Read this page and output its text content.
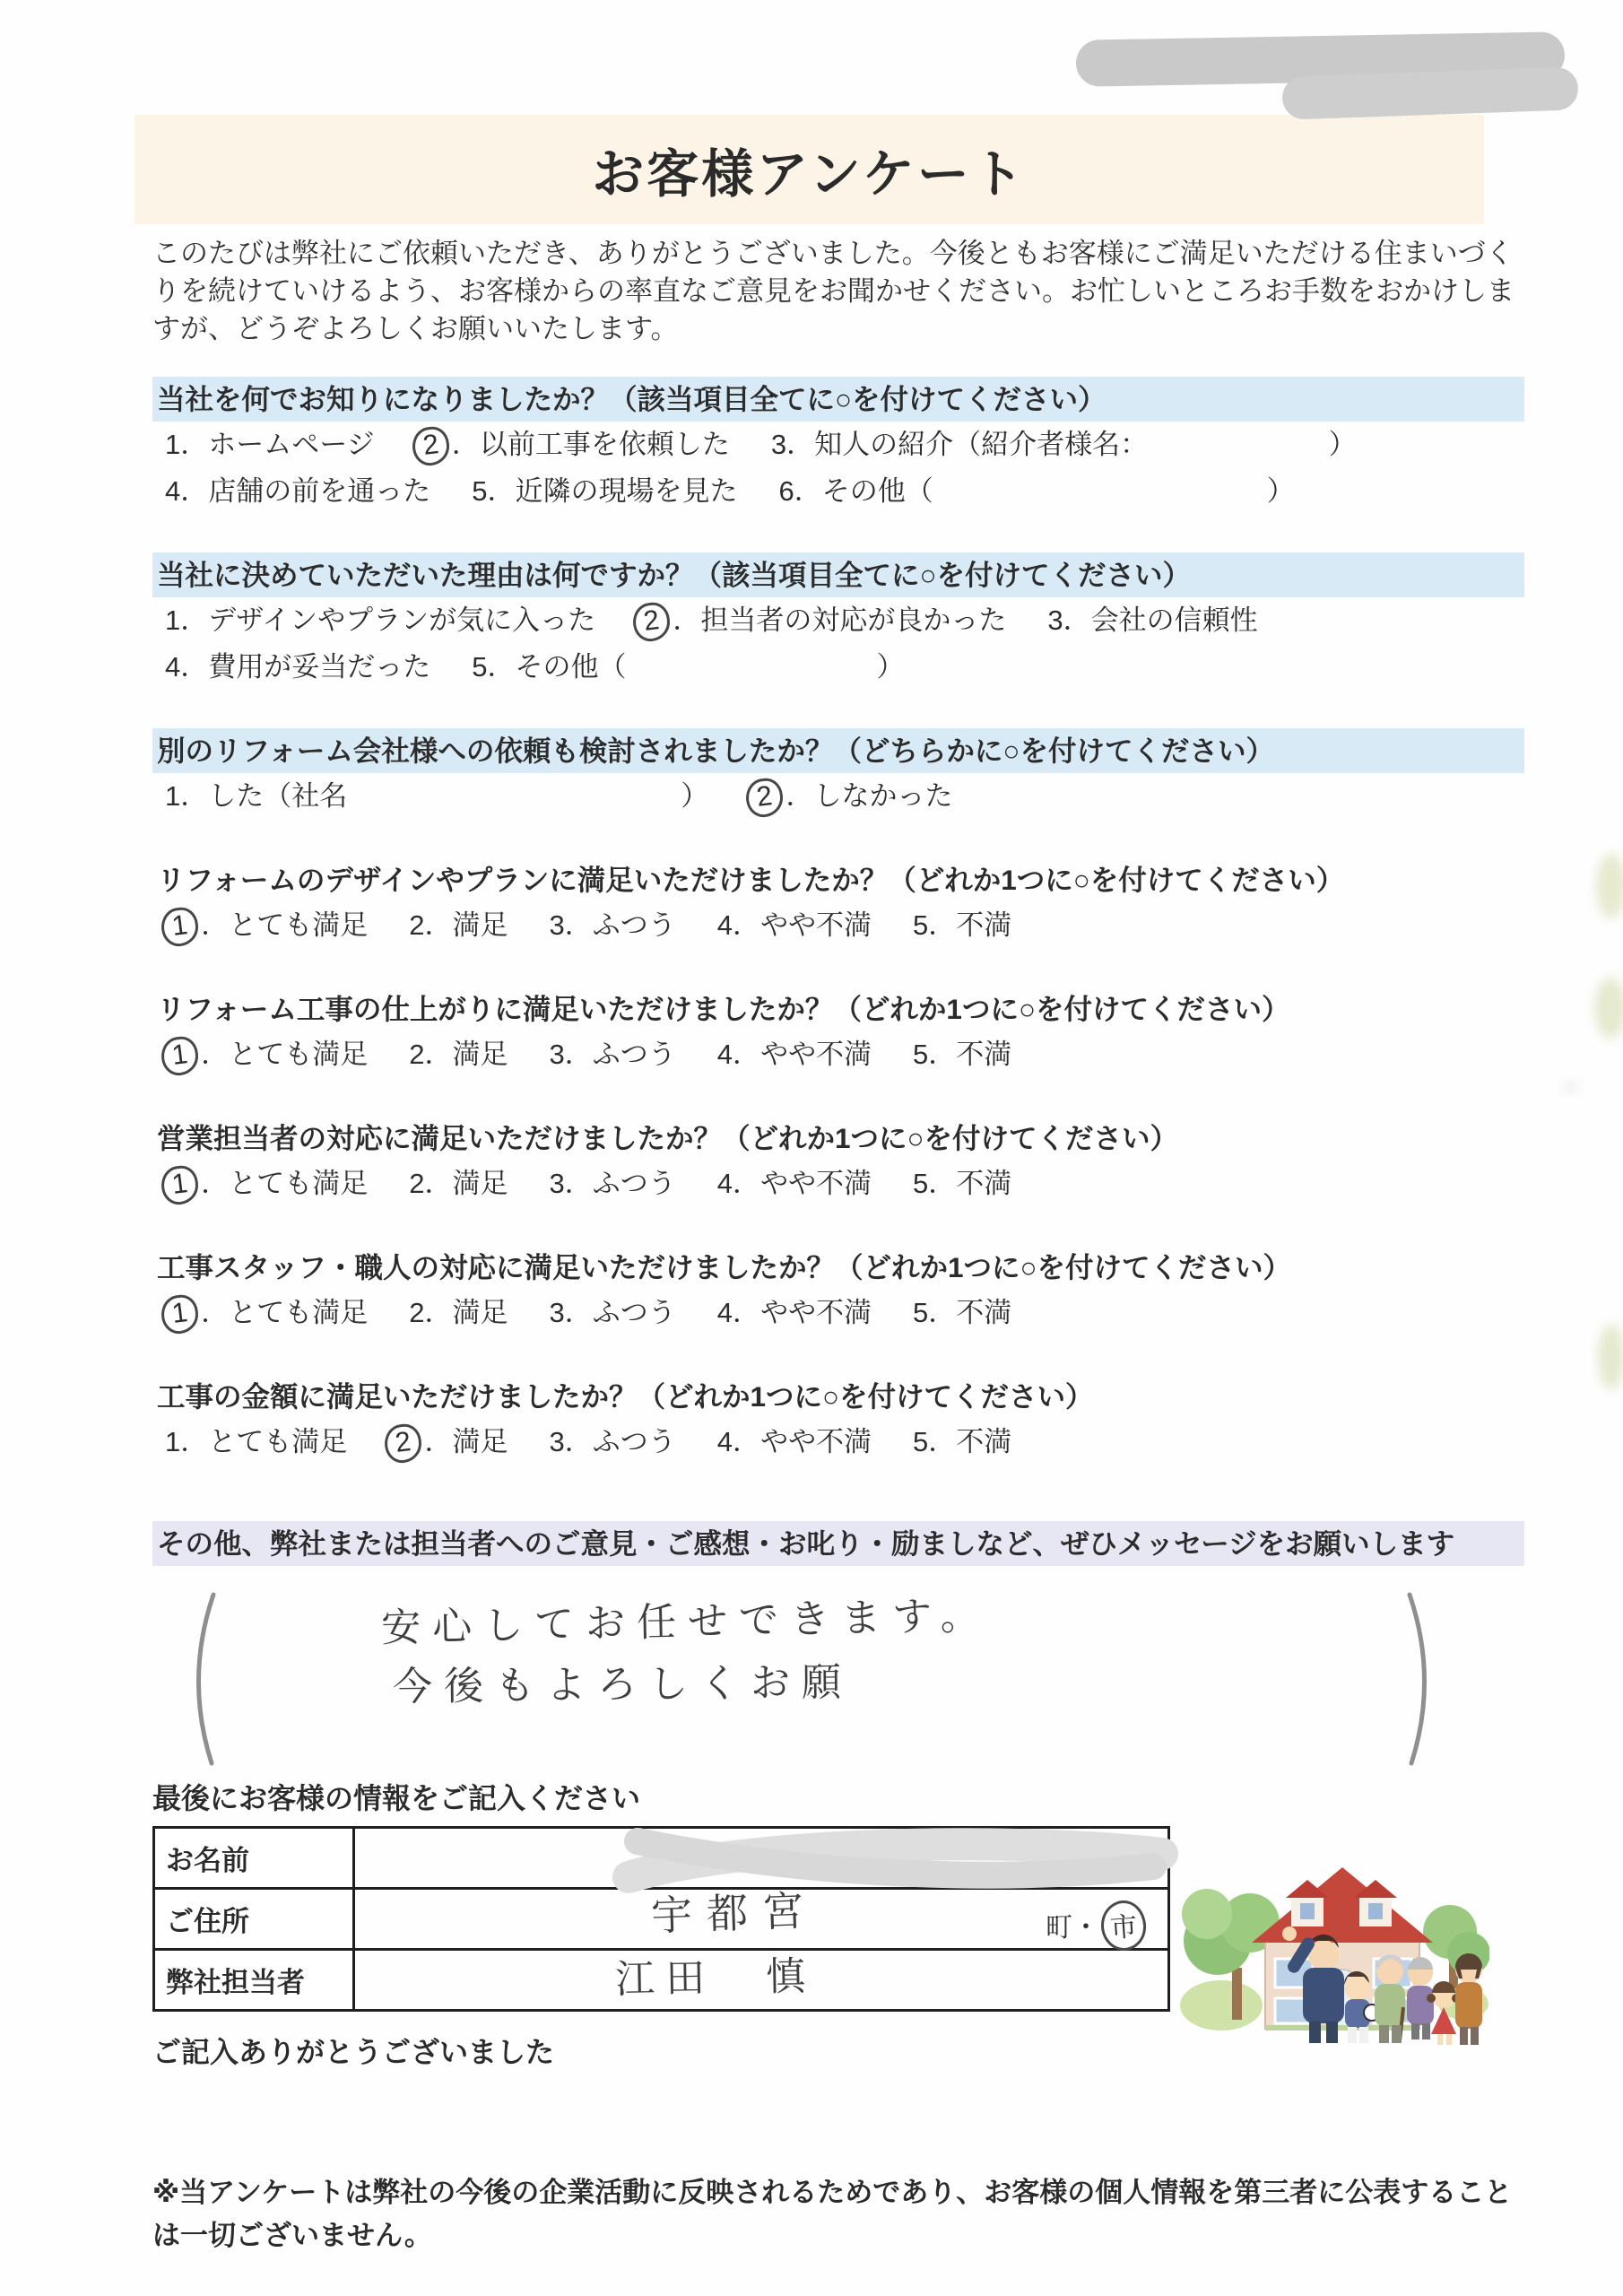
お客様アンケート

このたびは弊社にご依頼いただき、ありがとうございました。今後ともお客様にご満足いただける住まいづくりを続けていけるよう、お客様からの率直なご意見をお聞かせください。お忙しいところお手数をおかけしますが、どうぞよろしくお願いいたします。

当社を何でお知りになりましたか？（該当項目全てに○を付けてください）
1．ホームページ 2 ．以前工事を依頼した 3．知人の紹介（紹介者様名：　　　　　　　）
4．店舗の前を通った 5．近隣の現場を見た 6．その他（　　　　　　　　　　　　）
当社に決めていただいた理由は何ですか？（該当項目全てに○を付けてください）
1．デザインやプランが気に入った 2 ．担当者の対応が良かった 3．会社の信頼性
4．費用が妥当だった 5．その他（　　　　　　　　　）
別のリフォーム会社様への依頼も検討されましたか？（どちらかに○を付けてください）
1．した（社名　　　　　　　　　　　　） 2 ．しなかった
リフォームのデザインやプランに満足いただけましたか？（どれか1つに○を付けてください）
1 ．とても満足 2．満足 3．ふつう 4．やや不満 5．不満
リフォーム工事の仕上がりに満足いただけましたか？（どれか1つに○を付けてください）
1 ．とても満足 2．満足 3．ふつう 4．やや不満 5．不満
営業担当者の対応に満足いただけましたか？（どれか1つに○を付けてください）
1 ．とても満足 2．満足 3．ふつう 4．やや不満 5．不満
工事スタッフ・職人の対応に満足いただけましたか？（どれか1つに○を付けてください）
1 ．とても満足 2．満足 3．ふつう 4．やや不満 5．不満
工事の金額に満足いただけましたか？（どれか1つに○を付けてください）
1．とても満足 2 ．満足 3．ふつう 4．やや不満 5．不満
その他、弊社または担当者へのご意見・ご感想・お叱り・励ましなど、ぜひメッセージをお願いします
安心してお任せできます。
今後もよろしくお願
最後にお客様の情報をご記入ください
お名前	

ご住所	宇都宮 町・ 市

弊社担当者	江田　慎

ご記入ありがとうございました

※当アンケートは弊社の今後の企業活動に反映されるためであり、お客様の個人情報を第三者に公表することは一切ございません。
